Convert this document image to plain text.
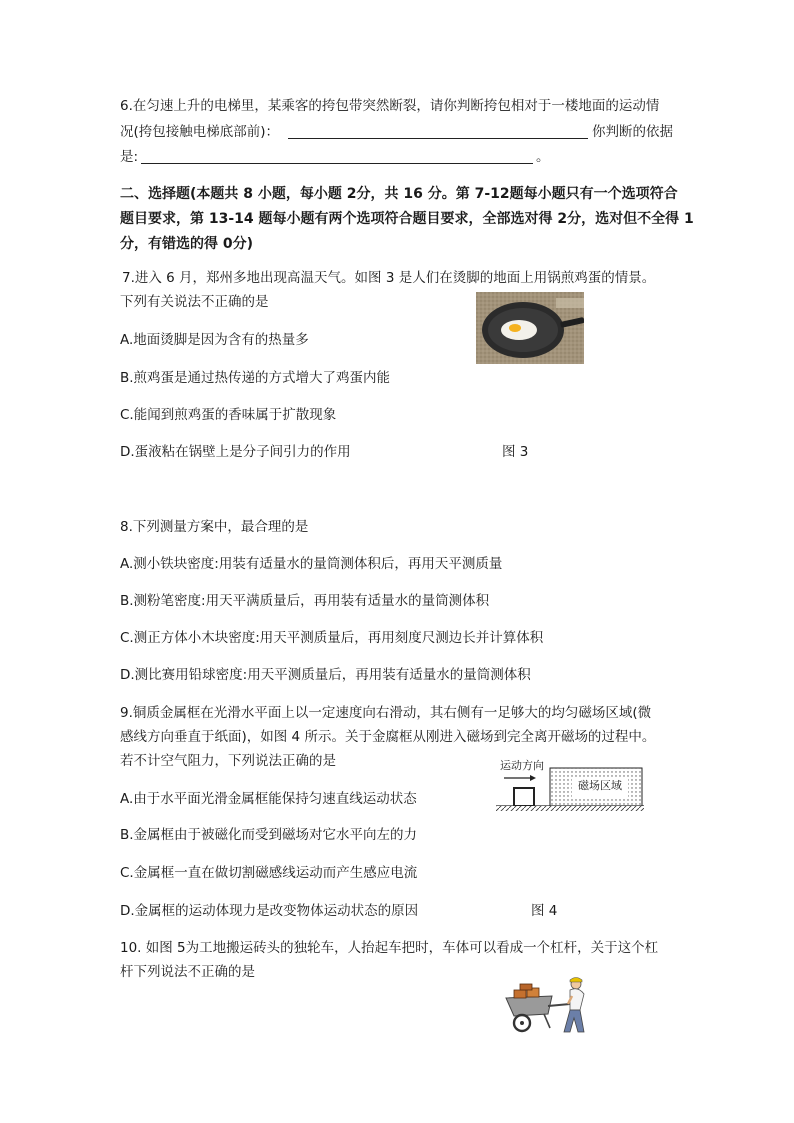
6.在匀速上升的电梯里，某乘客的挎包带突然断裂，请你判断挎包相对于一楼地面的运动情
况(挎包接触电梯底部前)：	你判断的依据
是:	。
二、选择题(本题共 8 小题，每小题 2分，共 16 分。第 7-12题每小题只有一个选项符合
题目要求，第 13-14 题每小题有两个选项符合题目要求，全部选对得 2分，选对但不全得 1
分，有错选的得 0分)
7.进入 6 月，郑州多地出现高温天气。如图 3 是人们在烫脚的地面上用锅煎鸡蛋的情景。
下列有关说法不正确的是
A.地面烫脚是因为含有的热量多
B.煎鸡蛋是通过热传递的方式增大了鸡蛋内能
C.能闻到煎鸡蛋的香味属于扩散现象
D.蛋液粘在锅壁上是分子间引力的作用	图 3
8.下列测量方案中，最合理的是
A.测小铁块密度:用装有适量水的量筒测体积后，再用天平测质量
B.测粉笔密度:用天平满质量后，再用装有适量水的量筒测体积
C.测正方体小木块密度:用天平测质量后，再用刻度尺测边长并计算体积
D.测比赛用铅球密度:用天平测质量后，再用装有适量水的量筒测体积
9.铜质金属框在光滑水平面上以一定速度向右滑动，其右侧有一足够大的均匀磁场区域(微
感线方向垂直于纸面)，如图 4 所示。关于金腐框从刚进入磁场到完全离开磁场的过程中。
若不计空气阻力，下列说法正确的是
A.由于水平面光滑金属框能保持匀速直线运动状态
B.金属框由于被磁化而受到磁场对它水平向左的力
C.金属框一直在做切割磁感线运动而产生感应电流
D.金属框的运动体现力是改变物体运动状态的原因	图 4
运动方向
磁场区域
10. 如图 5为工地搬运砖头的独轮车，人抬起车把时，车体可以看成一个杠杆，关于这个杠
杆下列说法不正确的是
